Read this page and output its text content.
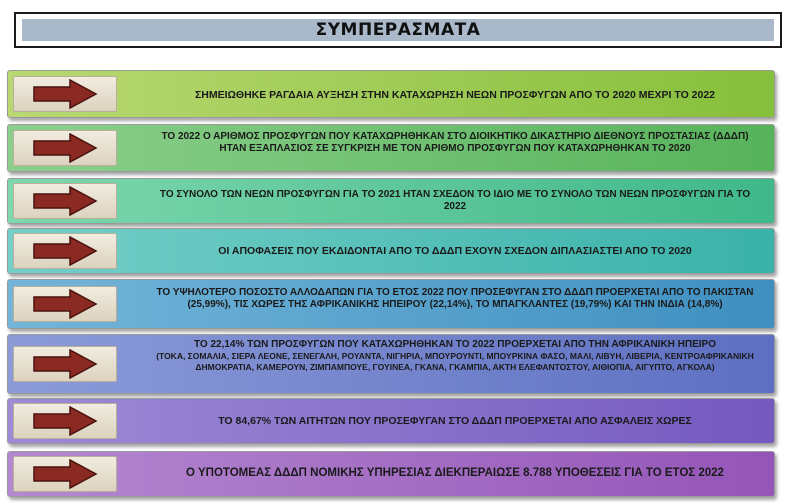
ΣΥΜΠΕΡΑΣΜΑΤΑ
ΣΗΜΕΙΩΘΗΚΕ ΡΑΓΔΑΙΑ ΑΥΞΗΣΗ ΣΤΗΝ ΚΑΤΑΧΩΡΗΣΗ ΝΕΩΝ ΠΡΟΣΦΥΓΩΝ ΑΠΟ ΤΟ 2020 ΜΕΧΡΙ ΤΟ 2022
ΤΟ 2022 Ο ΑΡΙΘΜΟΣ ΠΡΟΣΦΥΓΩΝ ΠΟΥ ΚΑΤΑΧΩΡΗΘΗΚΑΝ ΣΤΟ ΔΙΟΙΚΗΤΙΚΟ ΔΙΚΑΣΤΗΡΙΟ ΔΙΕΘΝΟΥΣ ΠΡΟΣΤΑΣΙΑΣ (ΔΔΔΠ) ΗΤΑΝ ΕΞΑΠΛΑΣΙΟΣ ΣΕ ΣΥΓΚΡΙΣΗ ΜΕ ΤΟΝ ΑΡΙΘΜΟ ΠΡΟΣΦΥΓΩΝ ΠΟΥ ΚΑΤΑΧΩΡΗΘΗΚΑΝ ΤΟ 2020
ΤΟ ΣΥΝΟΛΟ ΤΩΝ ΝΕΩΝ ΠΡΟΣΦΥΓΩΝ ΓΙΑ ΤΟ 2021 ΗΤΑΝ ΣΧΕΔΟΝ ΤΟ ΙΔΙΟ ΜΕ ΤΟ ΣΥΝΟΛΟ ΤΩΝ ΝΕΩΝ ΠΡΟΣΦΥΓΩΝ ΓΙΑ ΤΟ 2022
ΟΙ ΑΠΟΦΑΣΕΙΣ ΠΟΥ ΕΚΔΙΔΟΝΤΑΙ ΑΠΟ ΤΟ ΔΔΔΠ ΕΧΟΥΝ ΣΧΕΔΟΝ ΔΙΠΛΑΣΙΑΣΤΕΙ ΑΠΟ ΤΟ 2020
ΤΟ ΥΨΗΛΟΤΕΡΟ ΠΟΣΟΣΤΟ ΑΛΛΟΔΑΠΩΝ ΓΙΑ ΤΟ ΕΤΟΣ 2022 ΠΟΥ ΠΡΟΣΕΦΥΓΑΝ ΣΤΟ ΔΔΔΠ ΠΡΟΕΡΧΕΤΑΙ ΑΠΟ ΤΟ ΠΑΚΙΣΤΑΝ (25,99%), ΤΙΣ ΧΩΡΕΣ ΤΗΣ ΑΦΡΙΚΑΝΙΚΗΣ ΗΠΕΙΡΟΥ (22,14%), ΤΟ ΜΠΑΓΚΛΑΝΤΕΣ (19,79%) ΚΑΙ ΤΗΝ ΙΝΔΙΑ (14,8%)
ΤΟ 22,14% ΤΩΝ ΠΡΟΣΦΥΓΩΝ ΠΟΥ ΚΑΤΑΧΩΡΗΘΗΚΑΝ ΤΟ 2022 ΠΡΟΕΡΧΕΤΑΙ ΑΠΟ ΤΗΝ ΑΦΡΙΚΑΝΙΚΗ ΗΠΕΙΡΟ
(ΤΟΚΑ, ΣΟΜΑΛΙΑ, ΣΙΕΡΑ ΛΕΟΝΕ, ΣΕΝΕΓΑΛΗ, ΡΟΥΑΝΤΑ, ΝΙΓΗΡΙΑ, ΜΠΟΥΡΟΥΝΤΙ, ΜΠΟΥΡΚΙΝΑ ΦΑΣΟ, ΜΑΛΙ, ΛΙΒΥΗ, ΛΙΒΕΡΙΑ, ΚΕΝΤΡΟΑΦΡΙΚΑΝΙΚΗ ΔΗΜΟΚΡΑΤΙΑ, ΚΑΜΕΡΟΥΝ, ΖΙΜΠΑΜΠΟΥΕ, ΓΟΥΙΝΕΑ, ΓΚΑΝΑ, ΓΚΑΜΠΙΑ, ΑΚΤΗ ΕΛΕΦΑΝΤΟΣΤΟΥ, ΑΙΘΙΟΠΙΑ, ΑΙΓΥΠΤΟ, ΑΓΚΟΛΑ)
ΤΟ 84,67% ΤΩΝ ΑΙΤΗΤΩΝ ΠΟΥ ΠΡΟΣΕΦΥΓΑΝ ΣΤΟ ΔΔΔΠ ΠΡΟΕΡΧΕΤΑΙ ΑΠΟ ΑΣΦΑΛΕΙΣ ΧΩΡΕΣ
Ο ΥΠΟΤΟΜΕΑΣ ΔΔΔΠ ΝΟΜΙΚΗΣ ΥΠΗΡΕΣΙΑΣ ΔΙΕΚΠΕΡΑΙΩΣΕ 8.788 ΥΠΟΘΕΣΕΙΣ ΓΙΑ ΤΟ ΕΤΟΣ 2022
